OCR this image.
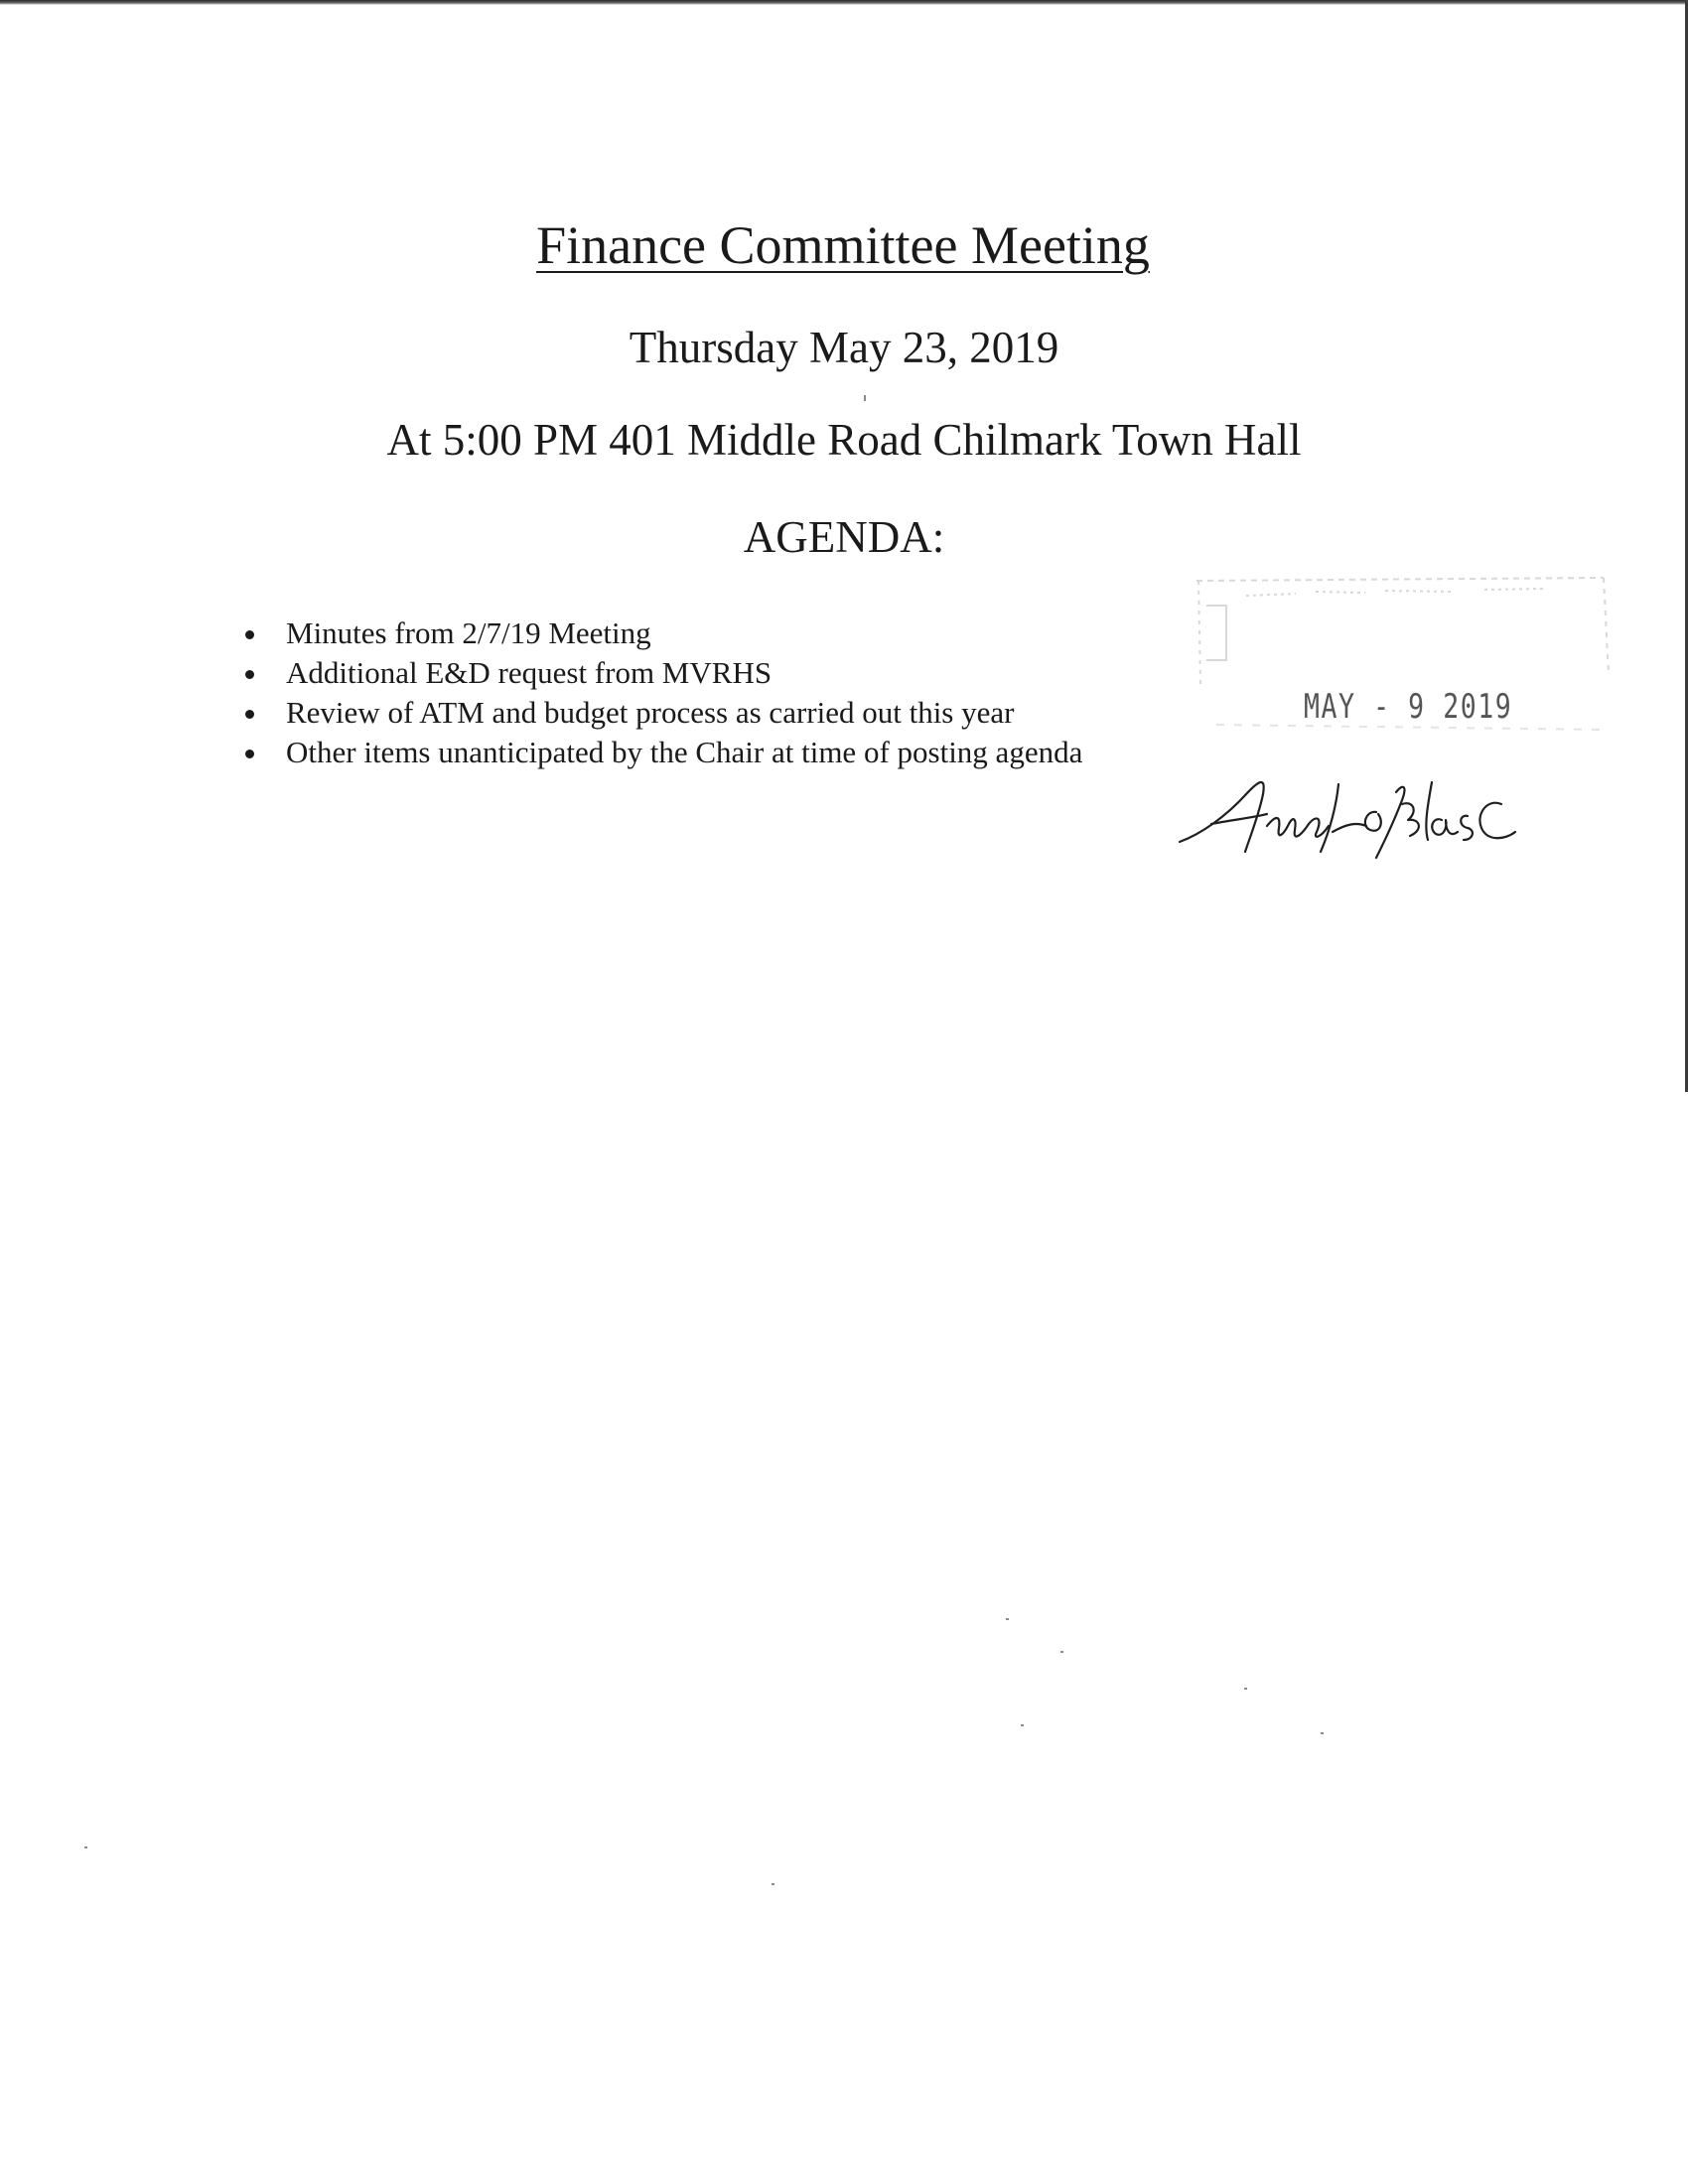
Finance Committee Meeting
Thursday May 23, 2019
At 5:00 PM 401 Middle Road Chilmark Town Hall
AGENDA:
Minutes from 2/7/19 Meeting
Additional E&D request from MVRHS
Review of ATM and budget process as carried out this year
Other items unanticipated by the Chair at time of posting agenda
MAY - 9 2019
